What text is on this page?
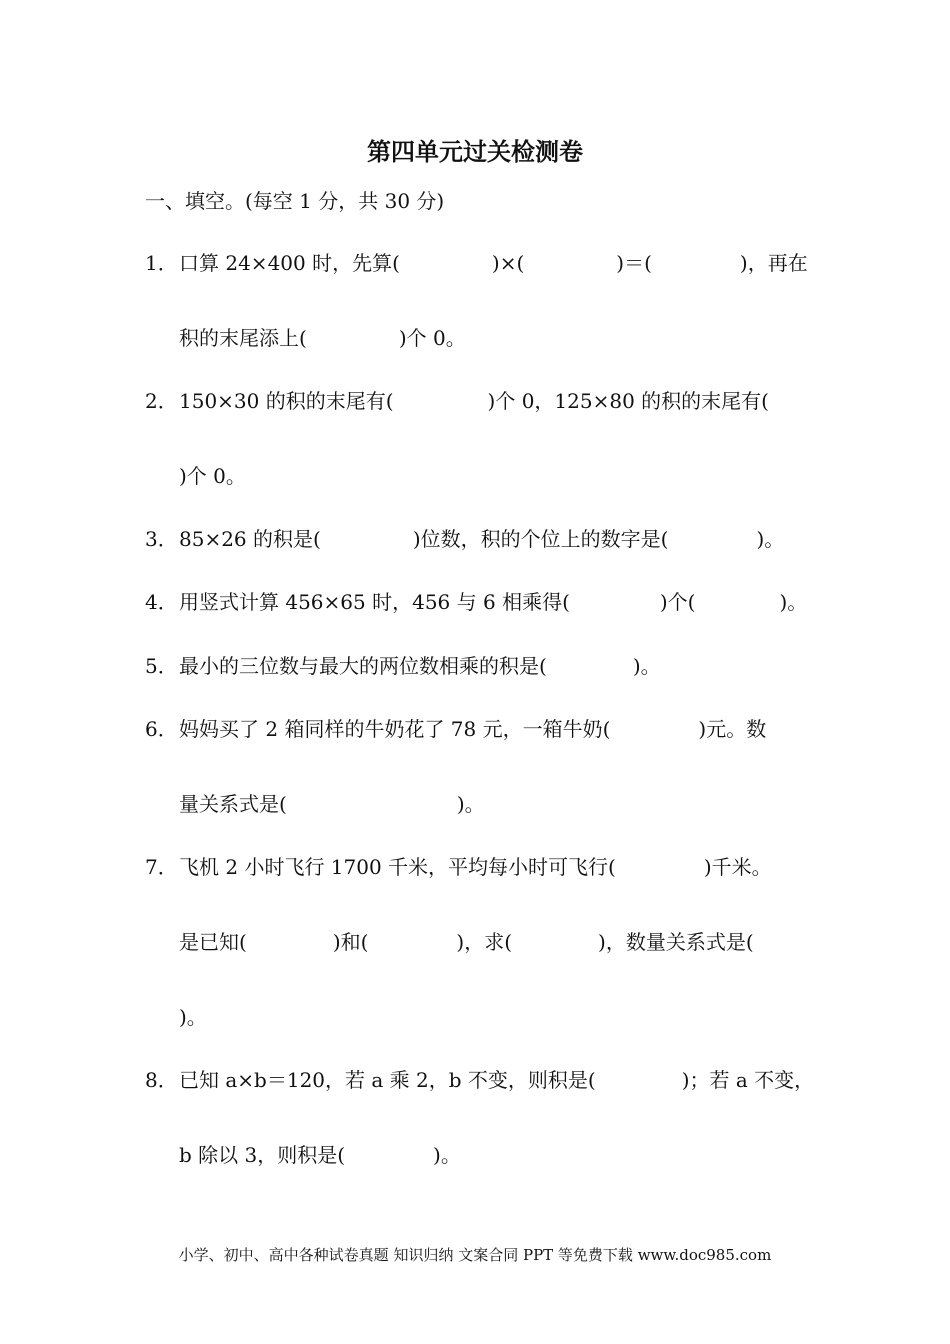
第四单元过关检测卷
一、填空。(每空 1 分，共 30 分)
1．口算 24×400 时，先算(	)×(	)＝(	)，再在
积的末尾添上(	)个 0。
2．150×30 的积的末尾有(	)个 0，125×80 的积的末尾有(
)个 0。
3．85×26 的积是(	)位数，积的个位上的数字是(	)。
4．用竖式计算 456×65 时，456 与 6 相乘得(	)个(	)。
5．最小的三位数与最大的两位数相乘的积是(	)。
6．妈妈买了 2 箱同样的牛奶花了 78 元，一箱牛奶(	)元。数
量关系式是(	)。
7．飞机 2 小时飞行 1700 千米，平均每小时可飞行(	)千米。
是已知(	)和(	)，求(	)，数量关系式是(
)。
8．已知 a×b＝120，若 a 乘 2，b 不变，则积是(	)；若 a 不变，
b 除以 3，则积是(	)。
小学、初中、高中各种试卷真题 知识归纳 文案合同 PPT 等免费下载 www.doc985.com
